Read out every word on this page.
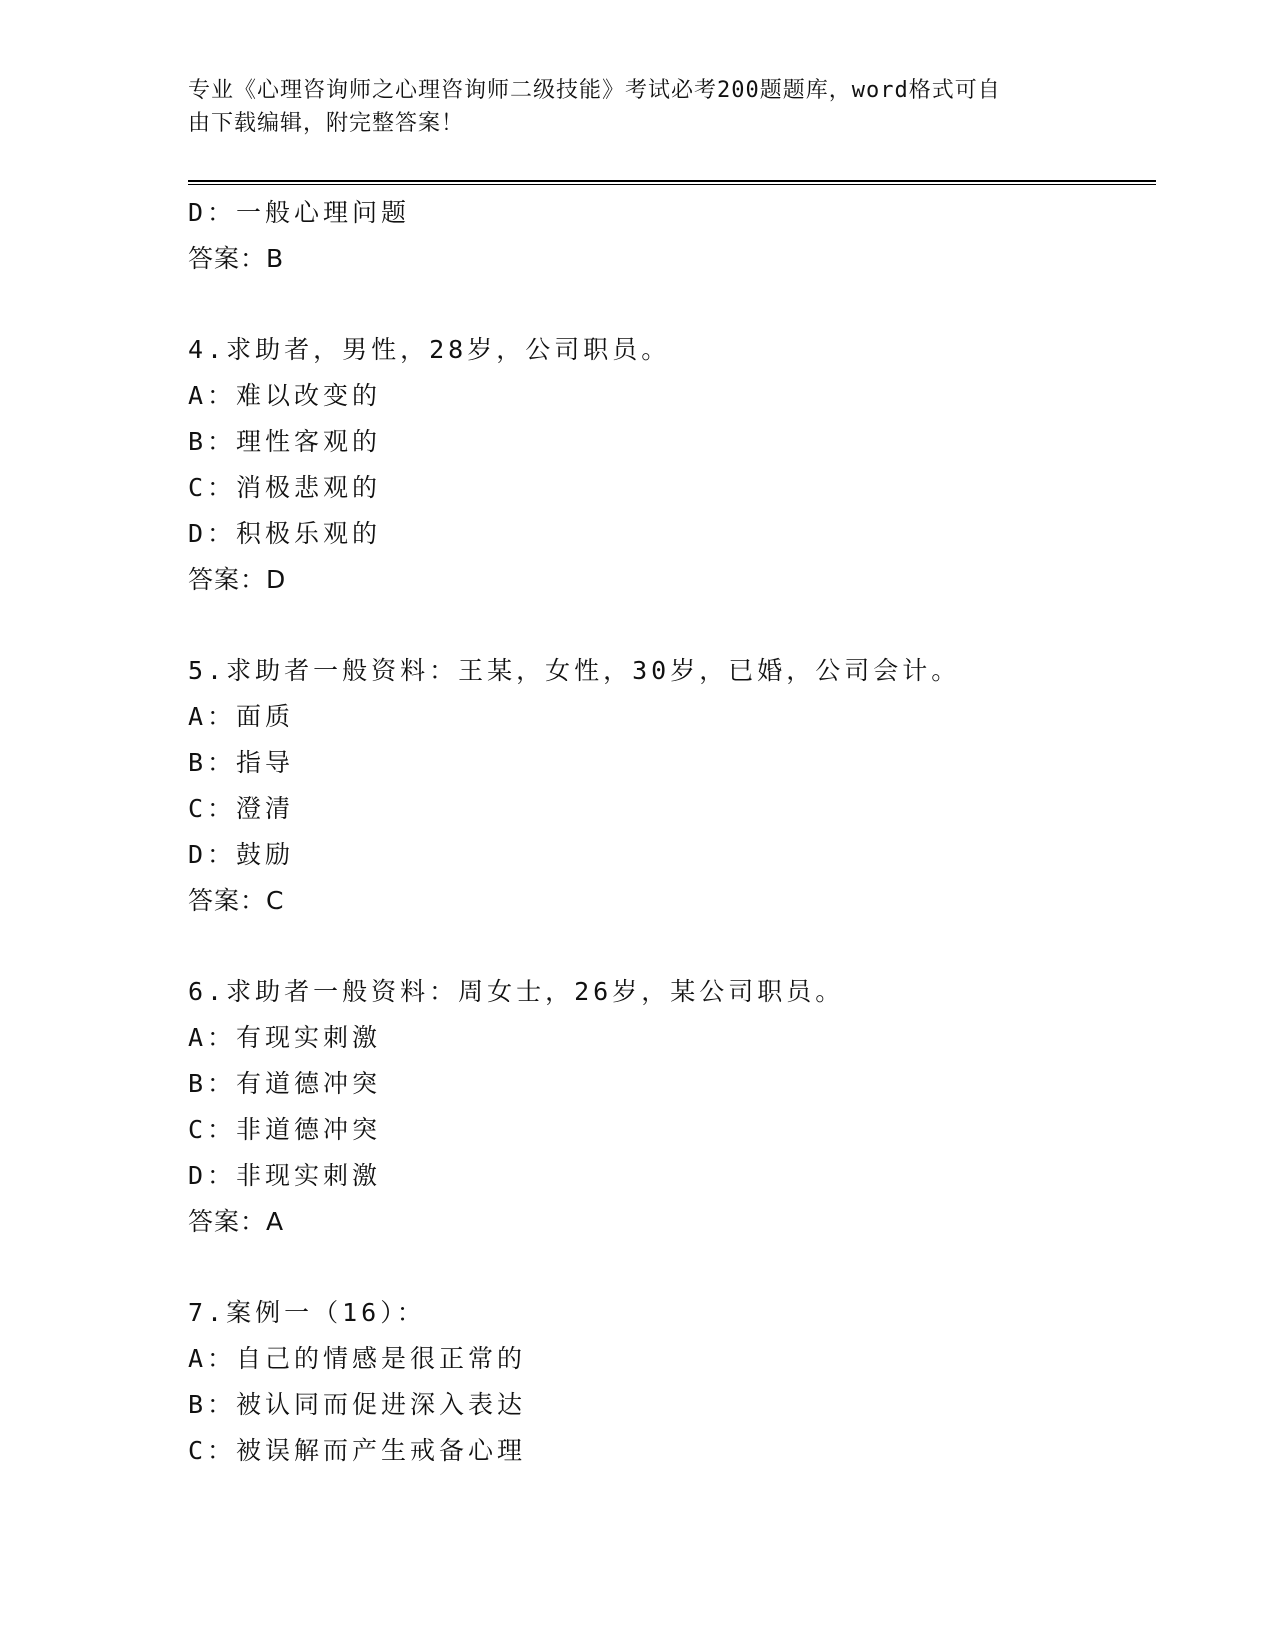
专业《心理咨询师之心理咨询师二级技能》考试必考200题题库，word格式可自
由下载编辑，附完整答案！
D：一般心理问题
答案：B
4.求助者，男性，28岁，公司职员。
A：难以改变的
B：理性客观的
C：消极悲观的
D：积极乐观的
答案：D
5.求助者一般资料：王某，女性，30岁，已婚，公司会计。
A：面质
B：指导
C：澄清
D：鼓励
答案：C
6.求助者一般资料：周女士，26岁，某公司职员。
A：有现实刺激
B：有道德冲突
C：非道德冲突
D：非现实刺激
答案：A
7.案例一（16）：
A：自己的情感是很正常的
B：被认同而促进深入表达
C：被误解而产生戒备心理
